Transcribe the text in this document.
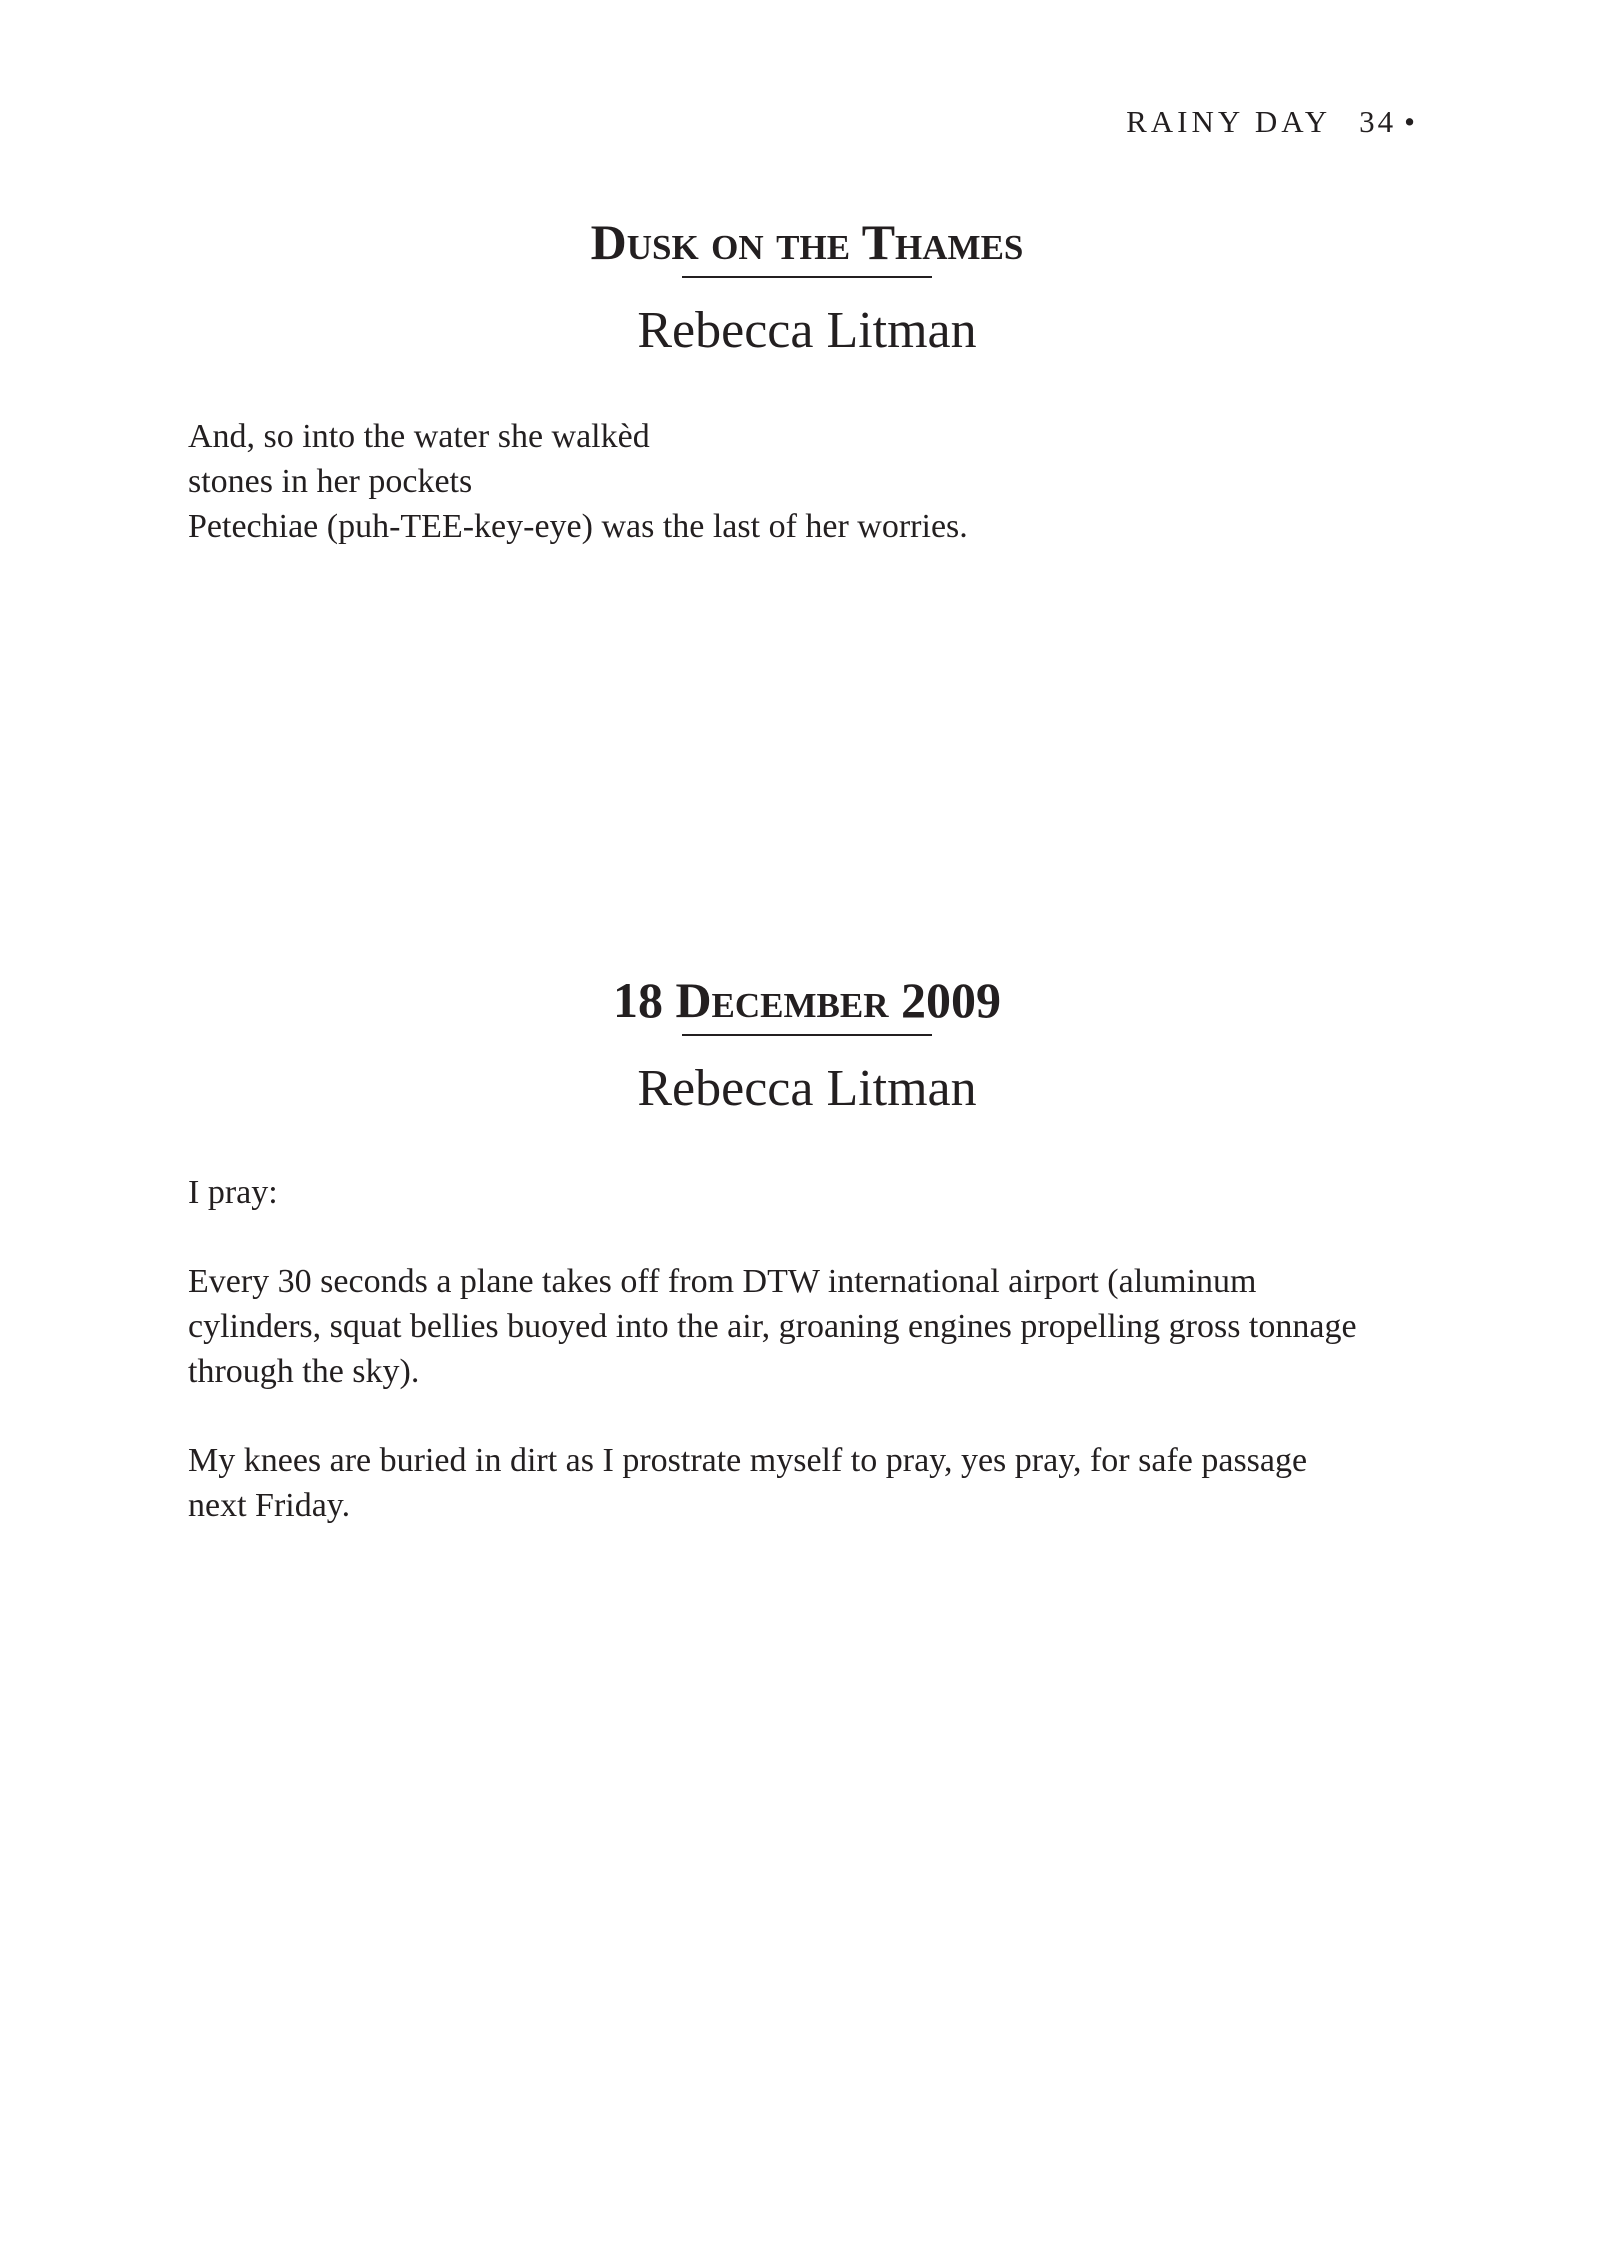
RAINY DAY 34 •
Dusk on the Thames
Rebecca Litman
And, so into the water she walkèd
stones in her pockets
Petechiae (puh-TEE-key-eye) was the last of her worries.
18 December 2009
Rebecca Litman

I pray:

Every 30 seconds a plane takes off from DTW international airport (aluminum
cylinders, squat bellies buoyed into the air, groaning engines propelling gross tonnage
through the sky).

My knees are buried in dirt as I prostrate myself to pray, yes pray, for safe passage
next Friday.
